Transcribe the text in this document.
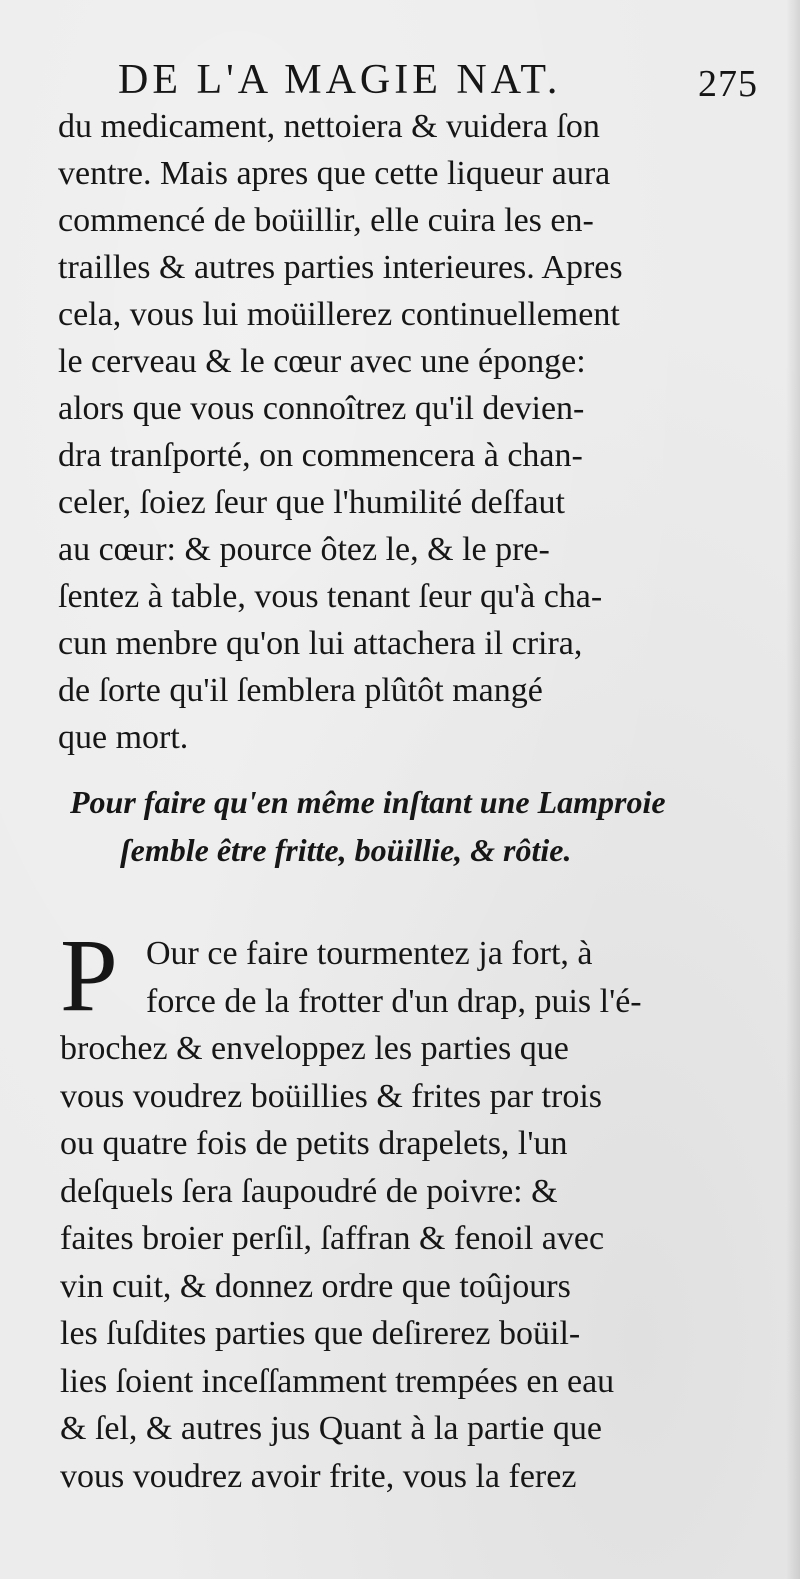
DE L'A MAGIE NAT.	275
du medicament, nettoiera & vuidera ſon
ventre. Mais apres que cette liqueur aura
commencé de boüillir, elle cuira les en-
trailles & autres parties interieures. Apres
cela, vous lui moüillerez continuellement
le cerveau & le cœur avec une éponge:
alors que vous connoîtrez qu'il devien-
dra tranſporté, on commencera à chan-
celer, ſoiez ſeur que l'humilité deſfaut
au cœur: & pource ôtez le, & le pre-
ſentez à table, vous tenant ſeur qu'à cha-
cun menbre qu'on lui attachera il crira,
de ſorte qu'il ſemblera plûtôt mangé
que mort.
Pour faire qu'en même inſtant une Lamproie
ſemble être fritte, boüillie, & rôtie.
P Our ce faire tourmentez ja fort, à
force de la frotter d'un drap, puis l'é-
brochez & enveloppez les parties que
vous voudrez boüillies & frites par trois
ou quatre fois de petits drapelets, l'un
deſquels ſera ſaupoudré de poivre: &
faites broier perſil, ſaffran & fenoil avec
vin cuit, & donnez ordre que toûjours
les ſuſdites parties que deſirerez boüil-
lies ſoient inceſſamment trempées en eau
& ſel, & autres jus Quant à la partie que
vous voudrez avoir frite, vous la ferez
